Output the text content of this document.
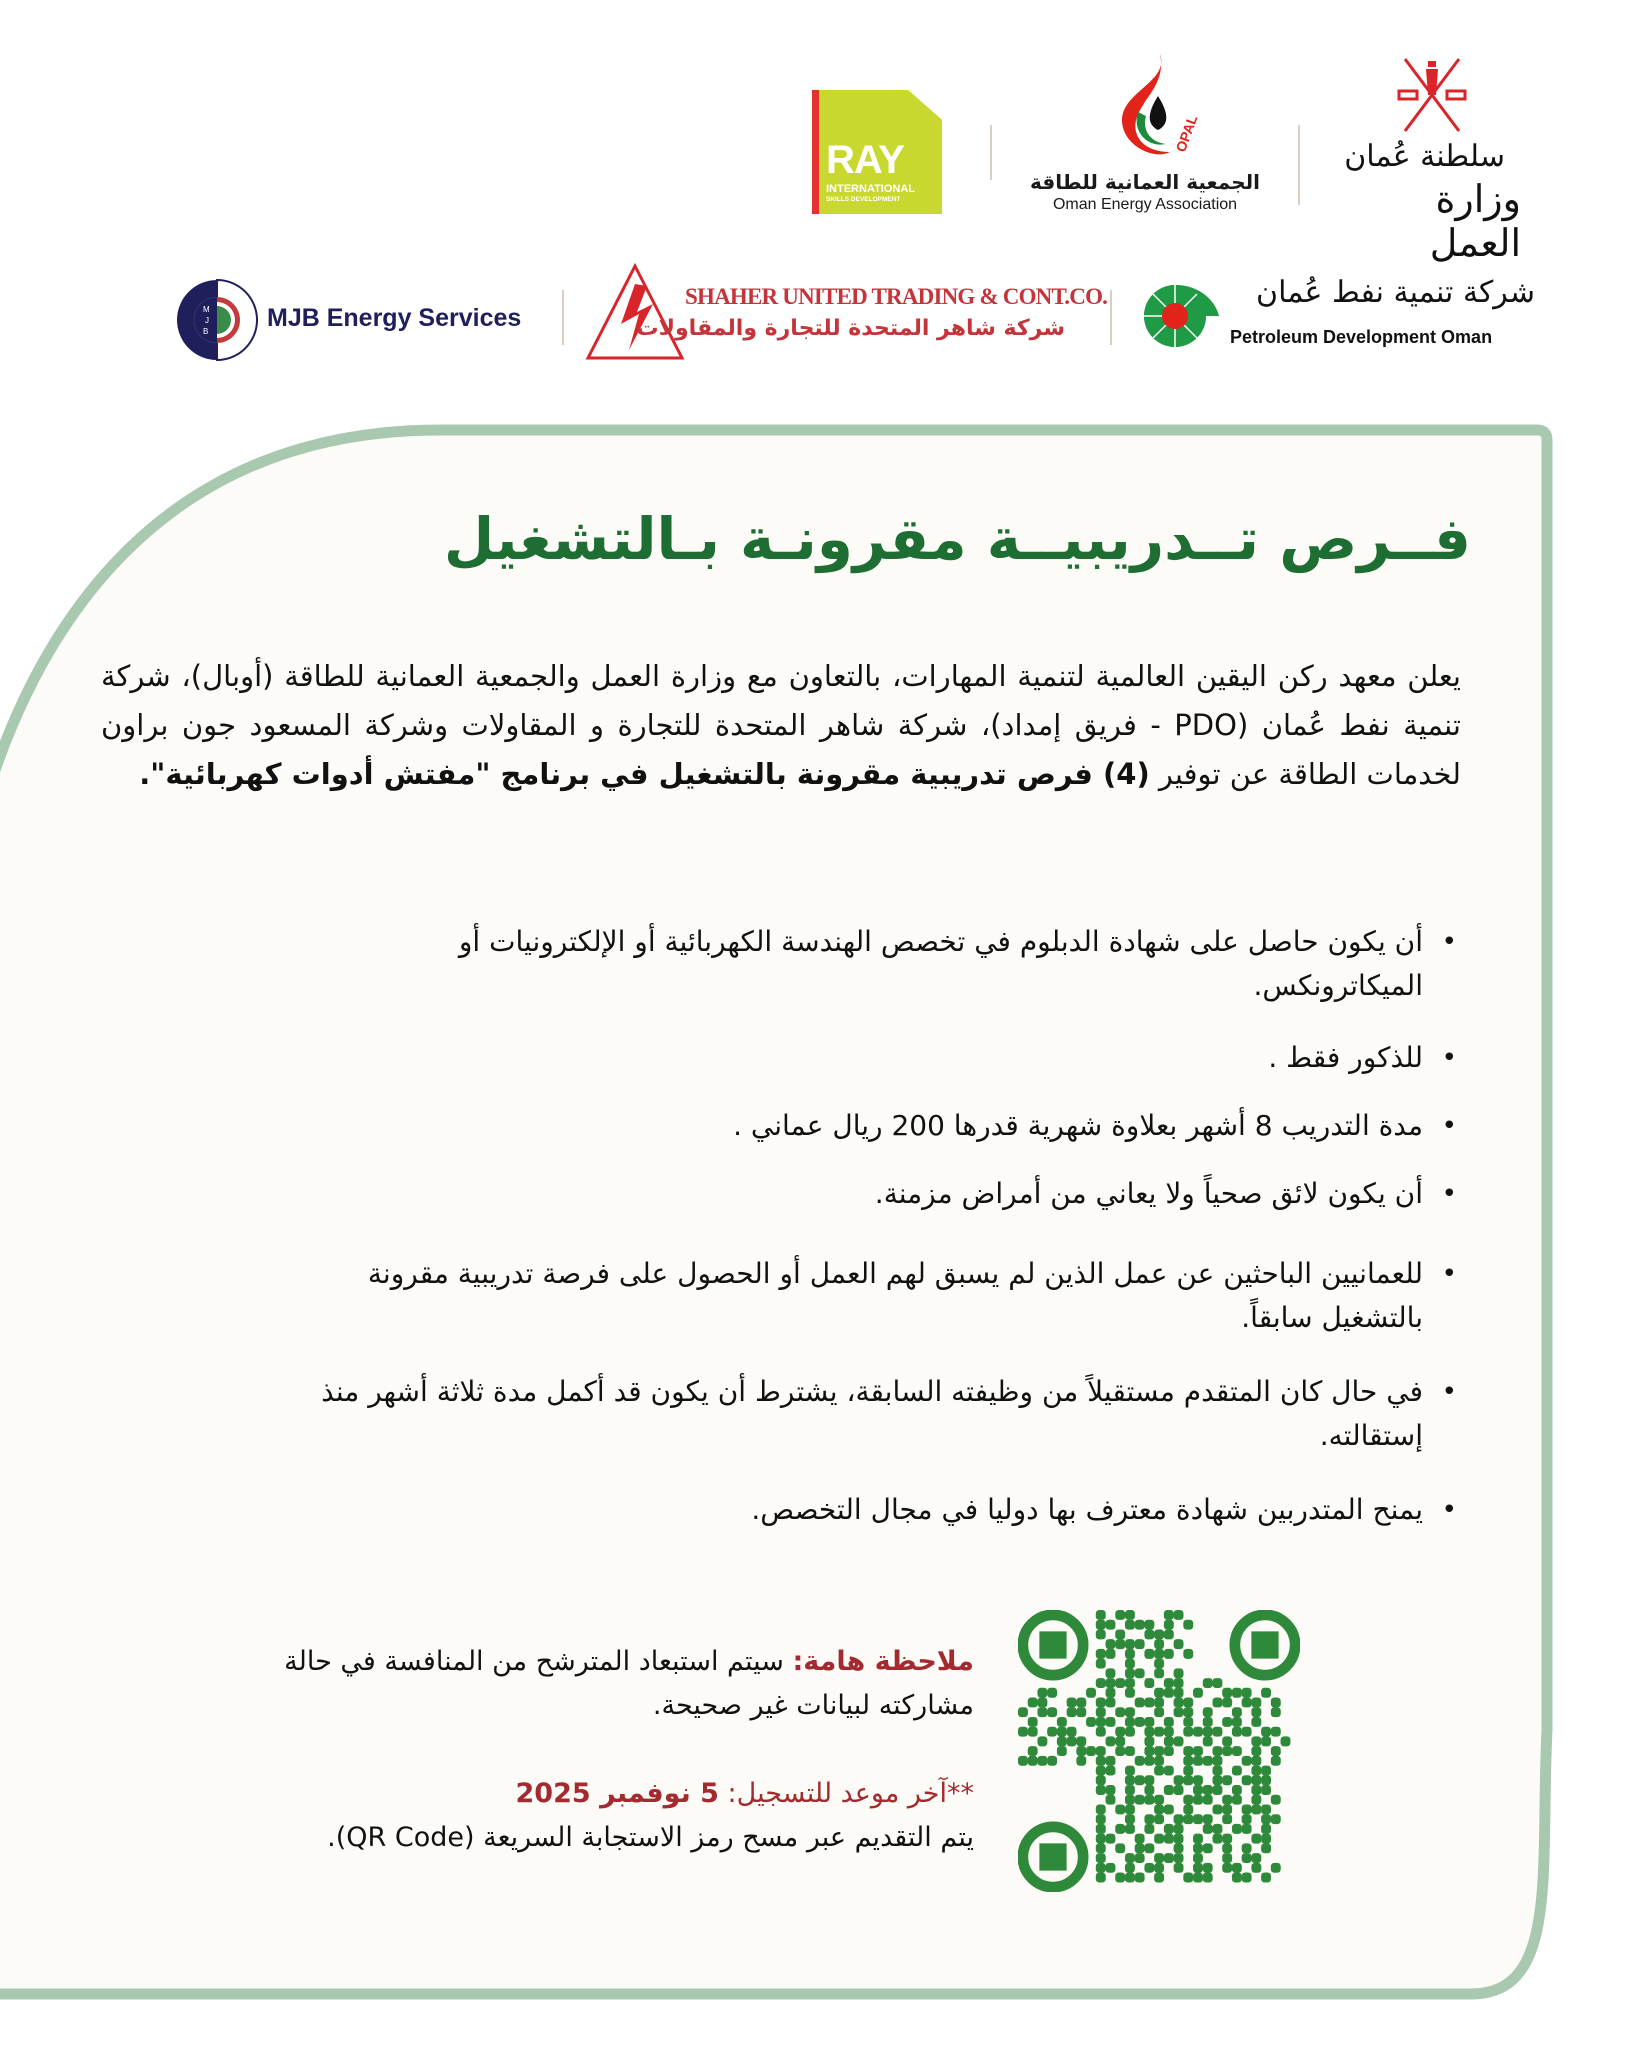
RAY
INTERNATIONAL
SKILLS DEVELOPMENT
OPAL
الجمعية العمانية للطاقة
Oman Energy Association
سلطنة عُمان
وزارة العمل
M
J
B MJB Energy Services
SHAHER UNITED TRADING & CONT.CO.
شركة شاهر المتحدة للتجارة والمقاولات
شركة تنمية نفط عُمان
Petroleum Development Oman
فــرص تــدريبيــة مقرونـة بـالتشغيل
يعلن معهد ركن اليقين العالمية لتنمية المهارات، بالتعاون مع وزارة العمل والجمعية العمانية للطاقة (أوبال)، شركة تنمية نفط عُمان (PDO - فريق إمداد)، شركة شاهر المتحدة للتجارة و المقاولات وشركة المسعود جون براون لخدمات الطاقة عن توفير (4) فرص تدريبية مقرونة بالتشغيل في برنامج "مفتش أدوات كهربائية".
•
أن يكون حاصل على شهادة الدبلوم في تخصص الهندسة الكهربائية أو الإلكترونيات أو الميكاترونكس.
•
للذكور فقط .
•
مدة التدريب 8 أشهر بعلاوة شهرية قدرها 200 ريال عماني .
•
أن يكون لائق صحياً ولا يعاني من أمراض مزمنة.
•
للعمانيين الباحثين عن عمل الذين لم يسبق لهم العمل أو الحصول على فرصة تدريبية مقرونة بالتشغيل سابقاً.
•
في حال كان المتقدم مستقيلاً من وظيفته السابقة، يشترط أن يكون قد أكمل مدة ثلاثة أشهر منذ إستقالته.
•
يمنح المتدربين شهادة معترف بها دوليا في مجال التخصص.
ملاحظة هامة: سيتم استبعاد المترشح من المنافسة في حالة مشاركته لبيانات غير صحيحة.
**آخر موعد للتسجيل: 5 نوفمبر 2025
يتم التقديم عبر مسح رمز الاستجابة السريعة (QR Code).
